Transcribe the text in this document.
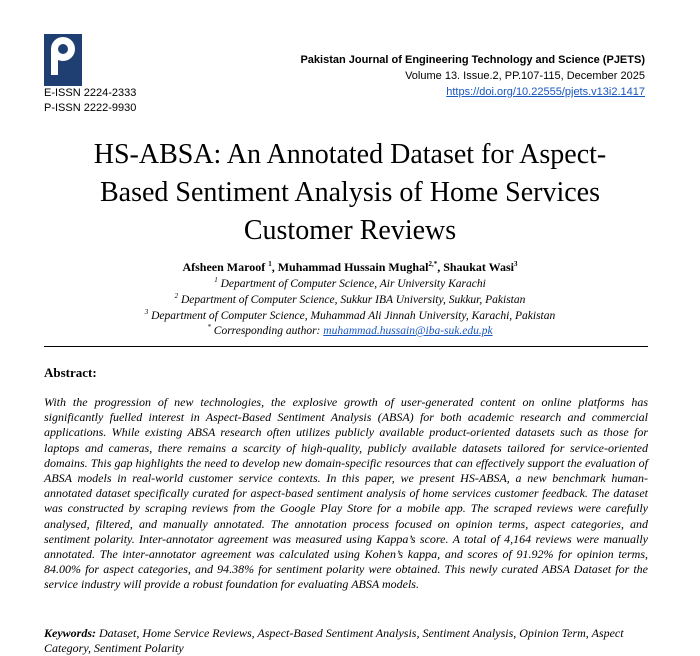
PJETS
E-ISSN 2224-2333
P-ISSN 2222-9930
Pakistan Journal of Engineering Technology and Science (PJETS)
Volume 13. Issue.2, PP.107-115, December 2025
https://doi.org/10.22555/pjets.v13i2.1417
HS-ABSA: An Annotated Dataset for Aspect-
Based Sentiment Analysis of Home Services
Customer Reviews
Afsheen Maroof $^1$, Muhammad Hussain Mughal$^{2,*}$, Shaukat Wasi$^3$
$^1$ Department of Computer Science, Air University Karachi
$^2$ Department of Computer Science, Sukkur IBA University, Sukkur, Pakistan
$^3$ Department of Computer Science, Muhammad Ali Jinnah University, Karachi, Pakistan
* Corresponding author: muhammad.hussain@iba-suk.edu.pk
Abstract:

With the progression of new technologies, the explosive growth of user-generated content on online platforms has significantly fuelled interest in Aspect-Based Sentiment Analysis (ABSA) for both academic research and commercial applications. While existing ABSA research often utilizes publicly available product-oriented datasets such as those for laptops and cameras, there remains a scarcity of high-quality, publicly available datasets tailored for service-oriented domains. This gap highlights the need to develop new domain-specific resources that can effectively support the evaluation of ABSA models in real-world customer service contexts. In this paper, we present HS-ABSA, a new benchmark human-annotated dataset specifically curated for aspect-based sentiment analysis of home services customer feedback. The dataset was constructed by scraping reviews from the Google Play Store for a mobile app. The scraped reviews were carefully analysed, filtered, and manually annotated. The annotation process focused on opinion terms, aspect categories, and sentiment polarity. Inter-annotator agreement was measured using Kappa’s score. A total of 4,164 reviews were manually annotated. The inter-annotator agreement was calculated using Kohen’s kappa, and scores of 91.92% for opinion terms, 84.00% for aspect categories, and 94.38% for sentiment polarity were obtained. This newly curated ABSA Dataset for the service industry will provide a robust foundation for evaluating ABSA models.

Keywords: Dataset, Home Service Reviews, Aspect-Based Sentiment Analysis, Sentiment Analysis, Opinion Term, Aspect Category, Sentiment Polarity
